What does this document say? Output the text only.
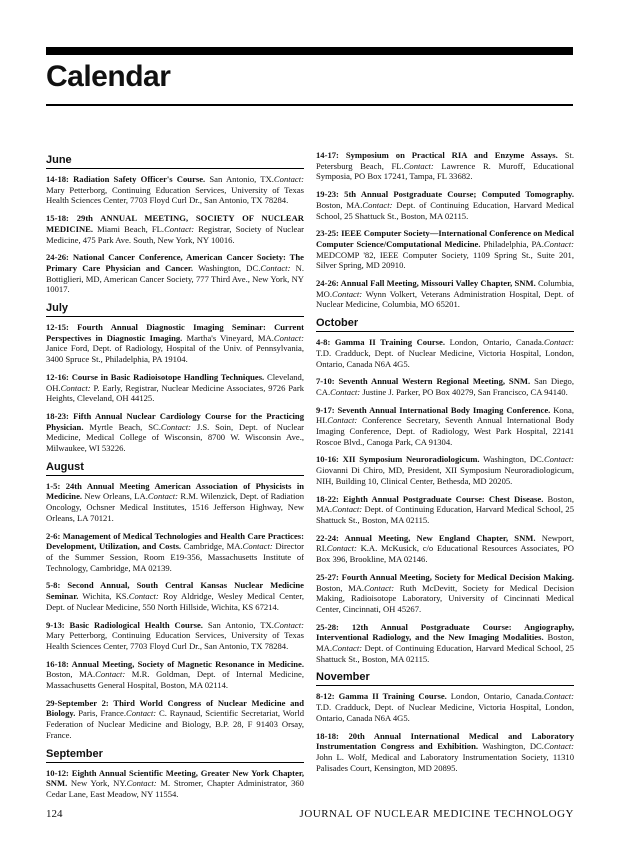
Calendar
June

14-18: Radiation Safety Officer's Course. San Antonio, TX.Contact: Mary Petterborg, Continuing Education Services, University of Texas Health Sciences Center, 7703 Floyd Curl Dr., San Antonio, TX 78284.

15-18: 29th ANNUAL MEETING, SOCIETY OF NUCLEAR MEDICINE. Miami Beach, FL.Contact: Registrar, Society of Nuclear Medicine, 475 Park Ave. South, New York, NY 10016.

24-26: National Cancer Conference, American Cancer Society: The Primary Care Physician and Cancer. Washington, DC.Contact: N. Bottiglieri, MD, American Cancer Society, 777 Third Ave., New York, NY 10017.

July

12-15: Fourth Annual Diagnostic Imaging Seminar: Current Perspectives in Diagnostic Imaging. Martha's Vineyard, MA.Contact: Janice Ford, Dept. of Radiology, Hospital of the Univ. of Pennsylvania, 3400 Spruce St., Philadelphia, PA 19104.

12-16: Course in Basic Radioisotope Handling Techniques. Cleveland, OH.Contact: P. Early, Registrar, Nuclear Medicine Associates, 9726 Park Heights, Cleveland, OH 44125.

18-23: Fifth Annual Nuclear Cardiology Course for the Practicing Physician. Myrtle Beach, SC.Contact: J.S. Soin, Dept. of Nuclear Medicine, Medical College of Wisconsin, 8700 W. Wisconsin Ave., Milwaukee, WI 53226.

August

1-5: 24th Annual Meeting American Association of Physicists in Medicine. New Orleans, LA.Contact: R.M. Wilenzick, Dept. of Radiation Oncology, Ochsner Medical Institutes, 1516 Jefferson Highway, New Orleans, LA 70121.

2-6: Management of Medical Technologies and Health Care Practices: Development, Utilization, and Costs. Cambridge, MA.Contact: Director of the Summer Session, Room E19-356, Massachusetts Institute of Technology, Cambridge, MA 02139.

5-8: Second Annual, South Central Kansas Nuclear Medicine Seminar. Wichita, KS.Contact: Roy Aldridge, Wesley Medical Center, Dept. of Nuclear Medicine, 550 North Hillside, Wichita, KS 67214.

9-13: Basic Radiological Health Course. San Antonio, TX.Contact: Mary Petterborg, Continuing Education Services, University of Texas Health Sciences Center, 7703 Floyd Curl Dr., San Antonio, TX 78284.

16-18: Annual Meeting, Society of Magnetic Resonance in Medicine. Boston, MA.Contact: M.R. Goldman, Dept. of Internal Medicine, Massachusetts General Hospital, Boston, MA 02114.

29-September 2: Third World Congress of Nuclear Medicine and Biology. Paris, France.Contact: C. Raynaud, Scientific Secretariat, World Federation of Nuclear Medicine and Biology, B.P. 28, F 91403 Orsay, France.

September

10-12: Eighth Annual Scientific Meeting, Greater New York Chapter, SNM. New York, NY.Contact: M. Stromer, Chapter Administrator, 360 Cedar Lane, East Meadow, NY 11554.

14-17: Symposium on Practical RIA and Enzyme Assays. St. Petersburg Beach, FL.Contact: Lawrence R. Muroff, Educational Symposia, PO Box 17241, Tampa, FL 33682.

19-23: 5th Annual Postgraduate Course; Computed Tomography. Boston, MA.Contact: Dept. of Continuing Education, Harvard Medical School, 25 Shattuck St., Boston, MA 02115.

23-25: IEEE Computer Society—International Conference on Medical Computer Science/Computational Medicine. Philadelphia, PA.Contact: MEDCOMP '82, IEEE Computer Society, 1109 Spring St., Suite 201, Silver Spring, MD 20910.

24-26: Annual Fall Meeting, Missouri Valley Chapter, SNM. Columbia, MO.Contact: Wynn Volkert, Veterans Administration Hospital, Dept. of Nuclear Medicine, Columbia, MO 65201.

October

4-8: Gamma II Training Course. London, Ontario, Canada.Contact: T.D. Cradduck, Dept. of Nuclear Medicine, Victoria Hospital, London, Ontario, Canada N6A 4G5.

7-10: Seventh Annual Western Regional Meeting, SNM. San Diego, CA.Contact: Justine J. Parker, PO Box 40279, San Francisco, CA 94140.

9-17: Seventh Annual International Body Imaging Conference. Kona, HI.Contact: Conference Secretary, Seventh Annual International Body Imaging Conference, Dept. of Radiology, West Park Hospital, 22141 Roscoe Blvd., Canoga Park, CA 91304.

10-16: XII Symposium Neuroradiologicum. Washington, DC.Contact: Giovanni Di Chiro, MD, President, XII Symposium Neuroradiologicum, NIH, Building 10, Clinical Center, Bethesda, MD 20205.

18-22: Eighth Annual Postgraduate Course: Chest Disease. Boston, MA.Contact: Dept. of Continuing Education, Harvard Medical School, 25 Shattuck St., Boston, MA 02115.

22-24: Annual Meeting, New England Chapter, SNM. Newport, RI.Contact: K.A. McKusick, c/o Educational Resources Associates, PO Box 396, Brookline, MA 02146.

25-27: Fourth Annual Meeting, Society for Medical Decision Making. Boston, MA.Contact: Ruth McDevitt, Society for Medical Decision Making, Radioisotope Laboratory, University of Cincinnati Medical Center, Cincinnati, OH 45267.

25-28: 12th Annual Postgraduate Course: Angiography, Interventional Radiology, and the New Imaging Modalities. Boston, MA.Contact: Dept. of Continuing Education, Harvard Medical School, 25 Shattuck St., Boston, MA 02115.

November

8-12: Gamma II Training Course. London, Ontario, Canada.Contact: T.D. Cradduck, Dept. of Nuclear Medicine, Victoria Hospital, London, Ontario, Canada N6A 4G5.

18-18: 20th Annual International Medical and Laboratory Instrumentation Congress and Exhibition. Washington, DC.Contact: John L. Wolf, Medical and Laboratory Instrumentation Society, 11310 Palisades Court, Kensington, MD 20895.

124	JOURNAL OF NUCLEAR MEDICINE TECHNOLOGY
